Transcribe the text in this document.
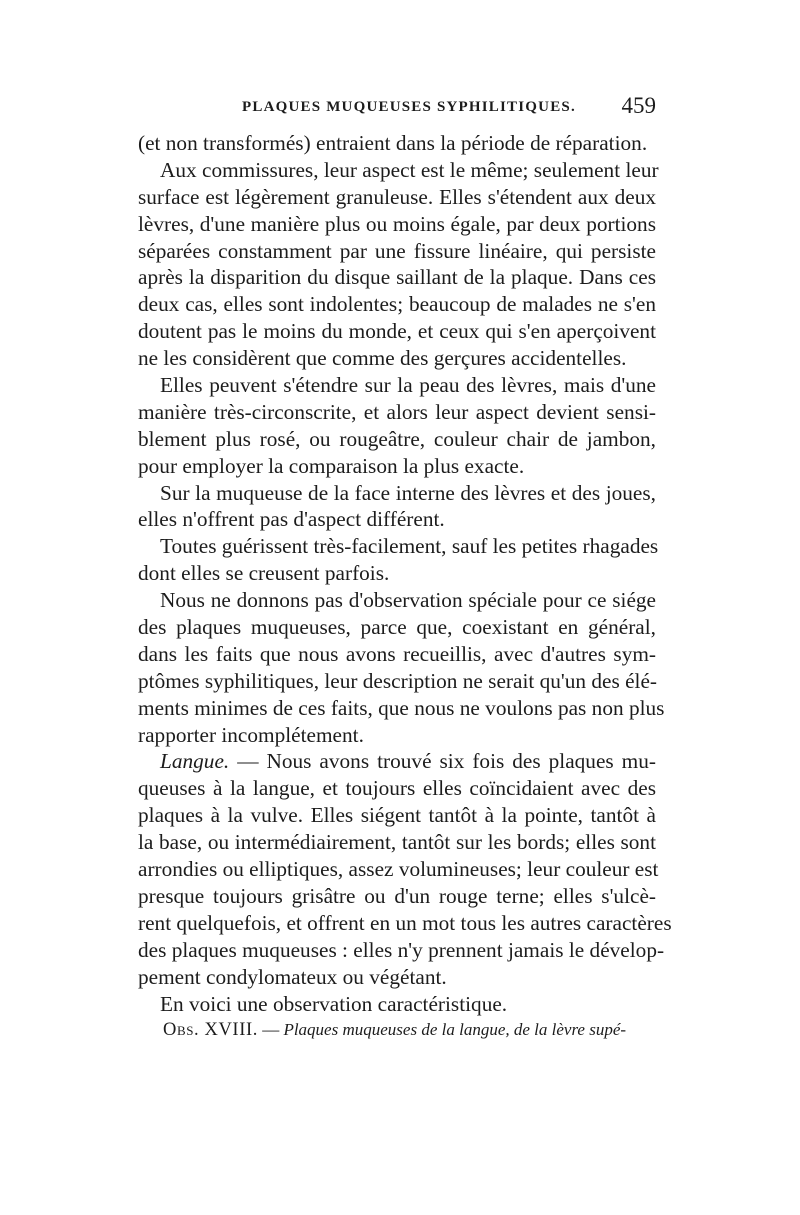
PLAQUES MUQUEUSES SYPHILITIQUES. 459
(et non transformés) entraient dans la période de réparation.
Aux commissures, leur aspect est le même; seulement leur
surface est légèrement granuleuse. Elles s'étendent aux deux
lèvres, d'une manière plus ou moins égale, par deux portions
séparées constamment par une fissure linéaire, qui persiste
après la disparition du disque saillant de la plaque. Dans ces
deux cas, elles sont indolentes; beaucoup de malades ne s'en
doutent pas le moins du monde, et ceux qui s'en aperçoivent
ne les considèrent que comme des gerçures accidentelles.
Elles peuvent s'étendre sur la peau des lèvres, mais d'une
manière très-circonscrite, et alors leur aspect devient sensi-
blement plus rosé, ou rougeâtre, couleur chair de jambon,
pour employer la comparaison la plus exacte.
Sur la muqueuse de la face interne des lèvres et des joues,
elles n'offrent pas d'aspect différent.
Toutes guérissent très-facilement, sauf les petites rhagades
dont elles se creusent parfois.
Nous ne donnons pas d'observation spéciale pour ce siége
des plaques muqueuses, parce que, coexistant en général,
dans les faits que nous avons recueillis, avec d'autres sym-
ptômes syphilitiques, leur description ne serait qu'un des élé-
ments minimes de ces faits, que nous ne voulons pas non plus
rapporter incomplétement.
Langue. — Nous avons trouvé six fois des plaques mu-
queuses à la langue, et toujours elles coïncidaient avec des
plaques à la vulve. Elles siégent tantôt à la pointe, tantôt à
la base, ou intermédiairement, tantôt sur les bords; elles sont
arrondies ou elliptiques, assez volumineuses; leur couleur est
presque toujours grisâtre ou d'un rouge terne; elles s'ulcè-
rent quelquefois, et offrent en un mot tous les autres caractères
des plaques muqueuses : elles n'y prennent jamais le dévelop-
pement condylomateux ou végétant.
En voici une observation caractéristique.
Obs. XVIII. — Plaques muqueuses de la langue, de la lèvre supé-
